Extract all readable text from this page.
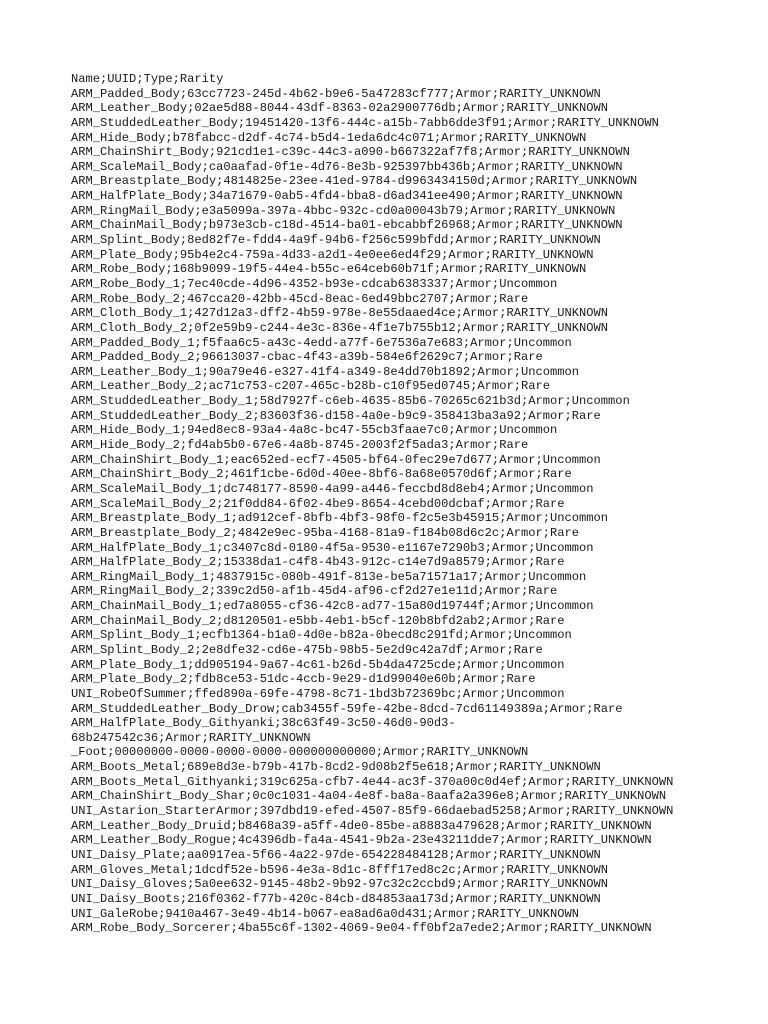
Name;UUID;Type;Rarity
ARM_Padded_Body;63cc7723-245d-4b62-b9e6-5a47283cf777;Armor;RARITY_UNKNOWN
ARM_Leather_Body;02ae5d88-8044-43df-8363-02a2900776db;Armor;RARITY_UNKNOWN
ARM_StuddedLeather_Body;19451420-13f6-444c-a15b-7abb6dde3f91;Armor;RARITY_UNKNOWN
ARM_Hide_Body;b78fabcc-d2df-4c74-b5d4-1eda6dc4c071;Armor;RARITY_UNKNOWN
ARM_ChainShirt_Body;921cd1e1-c39c-44c3-a090-b667322af7f8;Armor;RARITY_UNKNOWN
ARM_ScaleMail_Body;ca0aafad-0f1e-4d76-8e3b-925397bb436b;Armor;RARITY_UNKNOWN
ARM_Breastplate_Body;4814825e-23ee-41ed-9784-d9963434150d;Armor;RARITY_UNKNOWN
ARM_HalfPlate_Body;34a71679-0ab5-4fd4-bba8-d6ad341ee490;Armor;RARITY_UNKNOWN
ARM_RingMail_Body;e3a5099a-397a-4bbc-932c-cd0a00043b79;Armor;RARITY_UNKNOWN
ARM_ChainMail_Body;b973e3cb-c18d-4514-ba01-ebcabbf26968;Armor;RARITY_UNKNOWN
ARM_Splint_Body;8ed82f7e-fdd4-4a9f-94b6-f256c599bfdd;Armor;RARITY_UNKNOWN
ARM_Plate_Body;95b4e2c4-759a-4d33-a2d1-4e0ee6ed4f29;Armor;RARITY_UNKNOWN
ARM_Robe_Body;168b9099-19f5-44e4-b55c-e64ceb60b71f;Armor;RARITY_UNKNOWN
ARM_Robe_Body_1;7ec40cde-4d96-4352-b93e-cdcab6383337;Armor;Uncommon
ARM_Robe_Body_2;467cca20-42bb-45cd-8eac-6ed49bbc2707;Armor;Rare
ARM_Cloth_Body_1;427d12a3-dff2-4b59-978e-8e55daaed4ce;Armor;RARITY_UNKNOWN
ARM_Cloth_Body_2;0f2e59b9-c244-4e3c-836e-4f1e7b755b12;Armor;RARITY_UNKNOWN
ARM_Padded_Body_1;f5faa6c5-a43c-4edd-a77f-6e7536a7e683;Armor;Uncommon
ARM_Padded_Body_2;96613037-cbac-4f43-a39b-584e6f2629c7;Armor;Rare
ARM_Leather_Body_1;90a79e46-e327-41f4-a349-8e4dd70b1892;Armor;Uncommon
ARM_Leather_Body_2;ac71c753-c207-465c-b28b-c10f95ed0745;Armor;Rare
ARM_StuddedLeather_Body_1;58d7927f-c6eb-4635-85b6-70265c621b3d;Armor;Uncommon
ARM_StuddedLeather_Body_2;83603f36-d158-4a0e-b9c9-358413ba3a92;Armor;Rare
ARM_Hide_Body_1;94ed8ec8-93a4-4a8c-bc47-55cb3faae7c0;Armor;Uncommon
ARM_Hide_Body_2;fd4ab5b0-67e6-4a8b-8745-2003f2f5ada3;Armor;Rare
ARM_ChainShirt_Body_1;eac652ed-ecf7-4505-bf64-0fec29e7d677;Armor;Uncommon
ARM_ChainShirt_Body_2;461f1cbe-6d0d-40ee-8bf6-8a68e0570d6f;Armor;Rare
ARM_ScaleMail_Body_1;dc748177-8590-4a99-a446-feccbd8d8eb4;Armor;Uncommon
ARM_ScaleMail_Body_2;21f0dd84-6f02-4be9-8654-4cebd00dcbaf;Armor;Rare
ARM_Breastplate_Body_1;ad912cef-8bfb-4bf3-98f0-f2c5e3b45915;Armor;Uncommon
ARM_Breastplate_Body_2;4842e9ec-95ba-4168-81a9-f184b08d6c2c;Armor;Rare
ARM_HalfPlate_Body_1;c3407c8d-0180-4f5a-9530-e1167e7290b3;Armor;Uncommon
ARM_HalfPlate_Body_2;15338da1-c4f8-4b43-912c-c14e7d9a8579;Armor;Rare
ARM_RingMail_Body_1;4837915c-080b-491f-813e-be5a71571a17;Armor;Uncommon
ARM_RingMail_Body_2;339c2d50-af1b-45d4-af96-cf2d27e1e11d;Armor;Rare
ARM_ChainMail_Body_1;ed7a8055-cf36-42c8-ad77-15a80d19744f;Armor;Uncommon
ARM_ChainMail_Body_2;d8120501-e5bb-4eb1-b5cf-120b8bfd2ab2;Armor;Rare
ARM_Splint_Body_1;ecfb1364-b1a0-4d0e-b82a-0becd8c291fd;Armor;Uncommon
ARM_Splint_Body_2;2e8dfe32-cd6e-475b-98b5-5e2d9c42a7df;Armor;Rare
ARM_Plate_Body_1;dd905194-9a67-4c61-b26d-5b4da4725cde;Armor;Uncommon
ARM_Plate_Body_2;fdb8ce53-51dc-4ccb-9e29-d1d99040e60b;Armor;Rare
UNI_RobeOfSummer;ffed890a-69fe-4798-8c71-1bd3b72369bc;Armor;Uncommon
ARM_StuddedLeather_Body_Drow;cab3455f-59fe-42be-8dcd-7cd61149389a;Armor;Rare
ARM_HalfPlate_Body_Githyanki;38c63f49-3c50-46d0-90d3-
68b247542c36;Armor;RARITY_UNKNOWN
_Foot;00000000-0000-0000-0000-000000000000;Armor;RARITY_UNKNOWN
ARM_Boots_Metal;689e8d3e-b79b-417b-8cd2-9d08b2f5e618;Armor;RARITY_UNKNOWN
ARM_Boots_Metal_Githyanki;319c625a-cfb7-4e44-ac3f-370a00c0d4ef;Armor;RARITY_UNKNOWN
ARM_ChainShirt_Body_Shar;0c0c1031-4a04-4e8f-ba8a-8aafa2a396e8;Armor;RARITY_UNKNOWN
UNI_Astarion_StarterArmor;397dbd19-efed-4507-85f9-66daebad5258;Armor;RARITY_UNKNOWN
ARM_Leather_Body_Druid;b8468a39-a5ff-4de0-85be-a8883a479628;Armor;RARITY_UNKNOWN
ARM_Leather_Body_Rogue;4c4396db-fa4a-4541-9b2a-23e43211dde7;Armor;RARITY_UNKNOWN
UNI_Daisy_Plate;aa0917ea-5f66-4a22-97de-654228484128;Armor;RARITY_UNKNOWN
ARM_Gloves_Metal;1dcdf52e-b596-4e3a-8d1c-8fff17ed8c2c;Armor;RARITY_UNKNOWN
UNI_Daisy_Gloves;5a0ee632-9145-48b2-9b92-97c32c2ccbd9;Armor;RARITY_UNKNOWN
UNI_Daisy_Boots;216f0362-f77b-420c-84cb-d84853aa173d;Armor;RARITY_UNKNOWN
UNI_GaleRobe;9410a467-3e49-4b14-b067-ea8ad6a0d431;Armor;RARITY_UNKNOWN
ARM_Robe_Body_Sorcerer;4ba55c6f-1302-4069-9e04-ff0bf2a7ede2;Armor;RARITY_UNKNOWN
